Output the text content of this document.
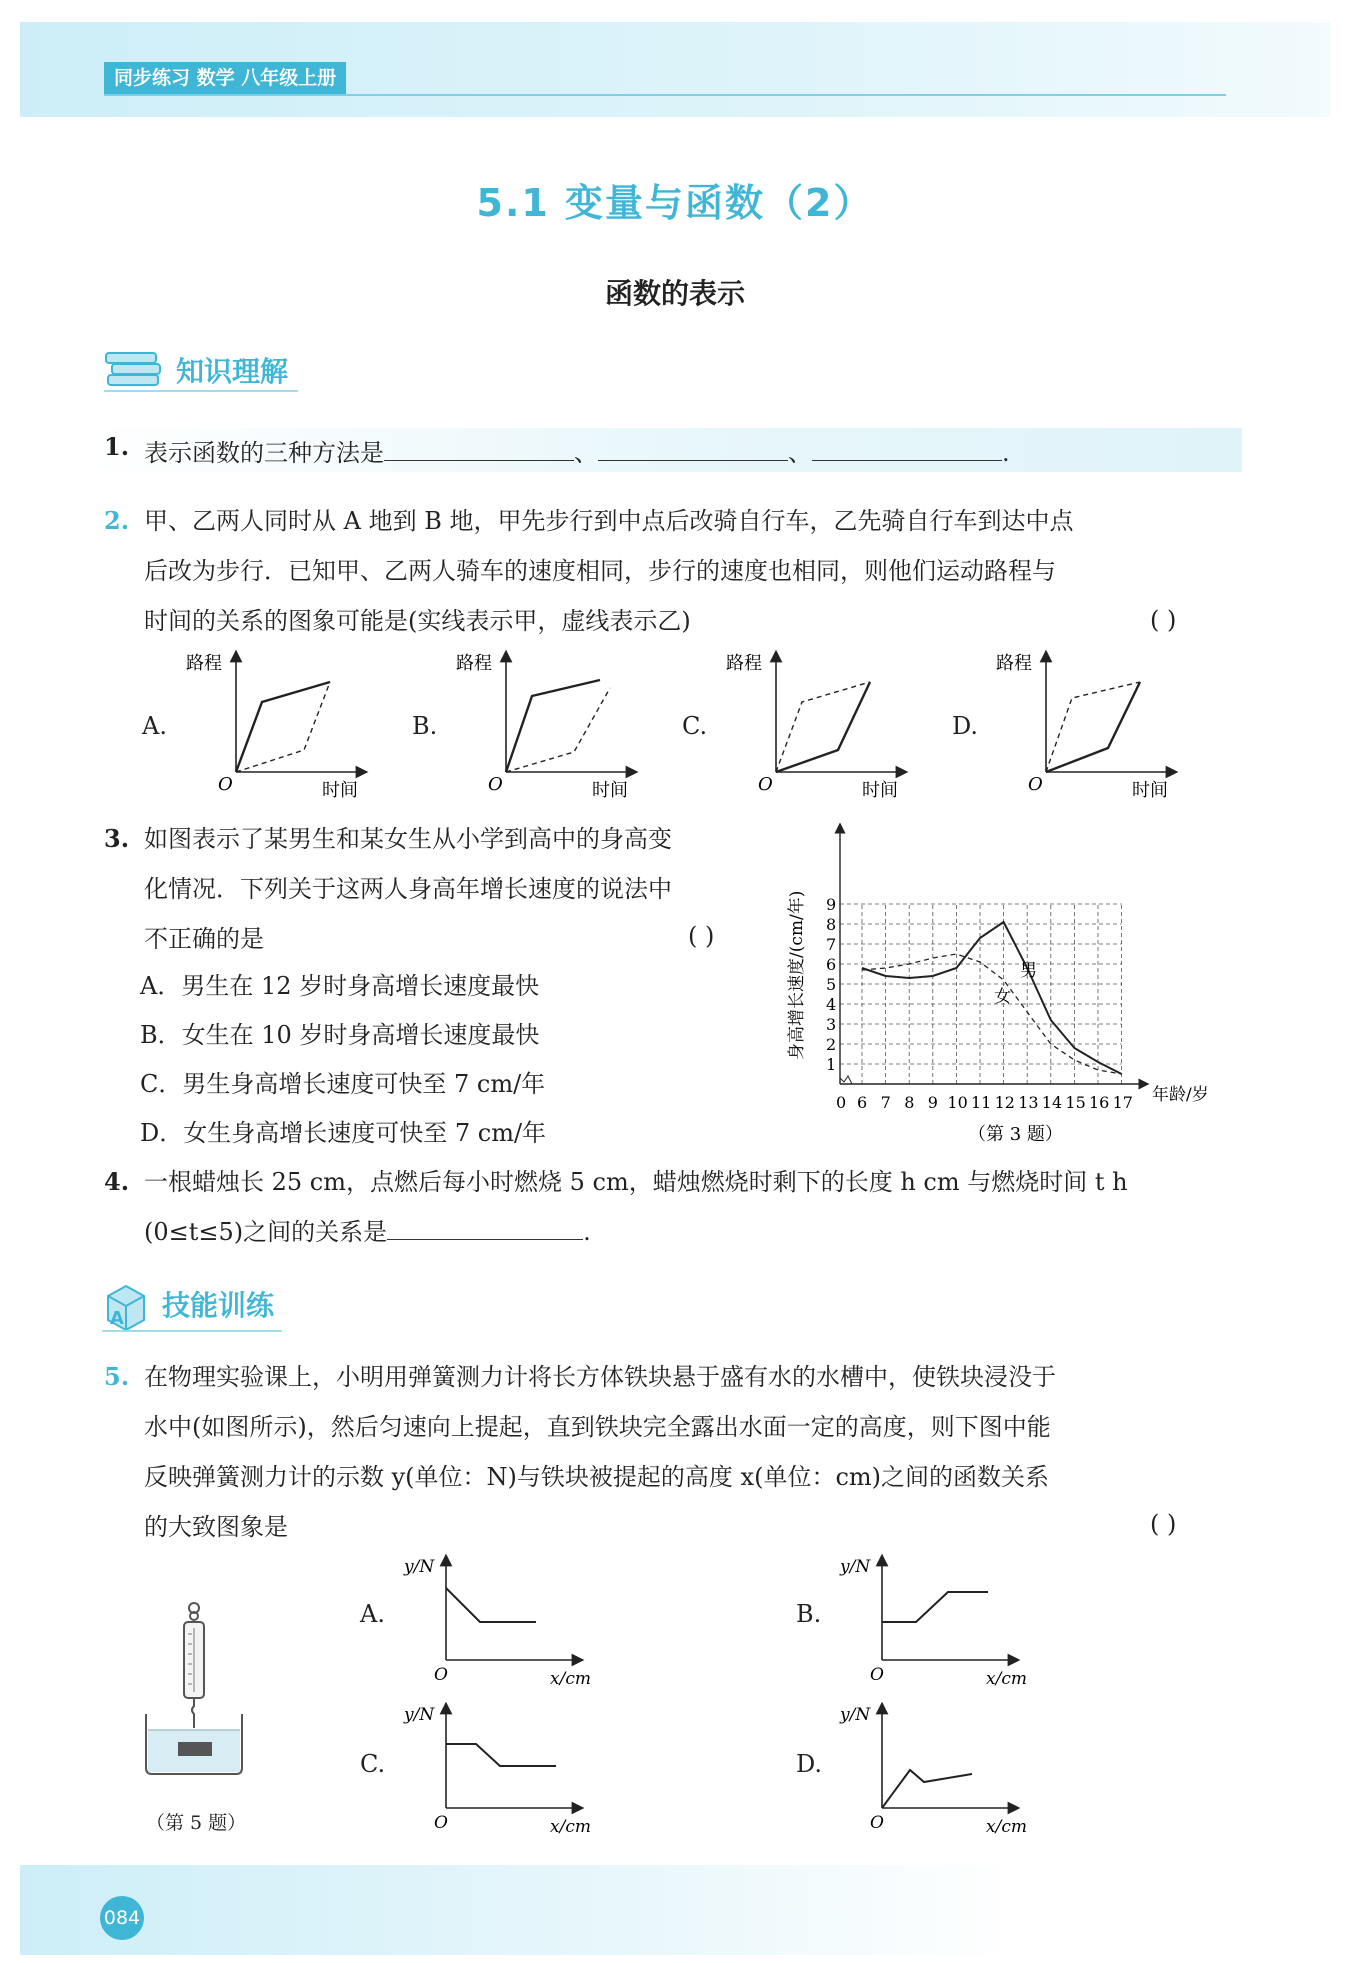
同步练习 数学 八年级上册
5.1 变量与函数（2）
函数的表示
知识理解
1. 表示函数的三种方法是	、	、	.
2. 甲、乙两人同时从 A 地到 B 地，甲先步行到中点后改骑自行车，乙先骑自行车到达中点
后改为步行．已知甲、乙两人骑车的速度相同，步行的速度也相同，则他们运动路程与
时间的关系的图象可能是(实线表示甲，虚线表示乙)	( )
A.
路程
时间
O
B.
路程
时间
O
C.
路程
时间
O
D.
路程
时间
O
3. 如图表示了某男生和某女生从小学到高中的身高变
化情况．下列关于这两人身高年增长速度的说法中
不正确的是	( )
A．男生在 12 岁时身高增长速度最快
B．女生在 10 岁时身高增长速度最快
C．男生身高增长速度可快至 7 cm/年
D．女生身高增长速度可快至 7 cm/年
1
2
3
4
5
6
7
8
9
0 6 7 8 9 10 11 12 13 14 15 16 17
男
女
身高增长速度/(cm/年)
年龄/岁
（第 3 题）
4. 一根蜡烛长 25 cm，点燃后每小时燃烧 5 cm，蜡烛燃烧时剩下的长度 h cm 与燃烧时间 t h
(0≤t≤5)之间的关系是	.
A 技能训练
5. 在物理实验课上，小明用弹簧测力计将长方体铁块悬于盛有水的水槽中，使铁块浸没于
水中(如图所示)，然后匀速向上提起，直到铁块完全露出水面一定的高度，则下图中能
反映弹簧测力计的示数 y(单位：N)与铁块被提起的高度 x(单位：cm)之间的函数关系
的大致图象是	( )
（第 5 题）
A.
y/N
x/cm
O
B.
y/N
x/cm
O
C.
y/N
x/cm
O
D.
y/N
x/cm
O
084
